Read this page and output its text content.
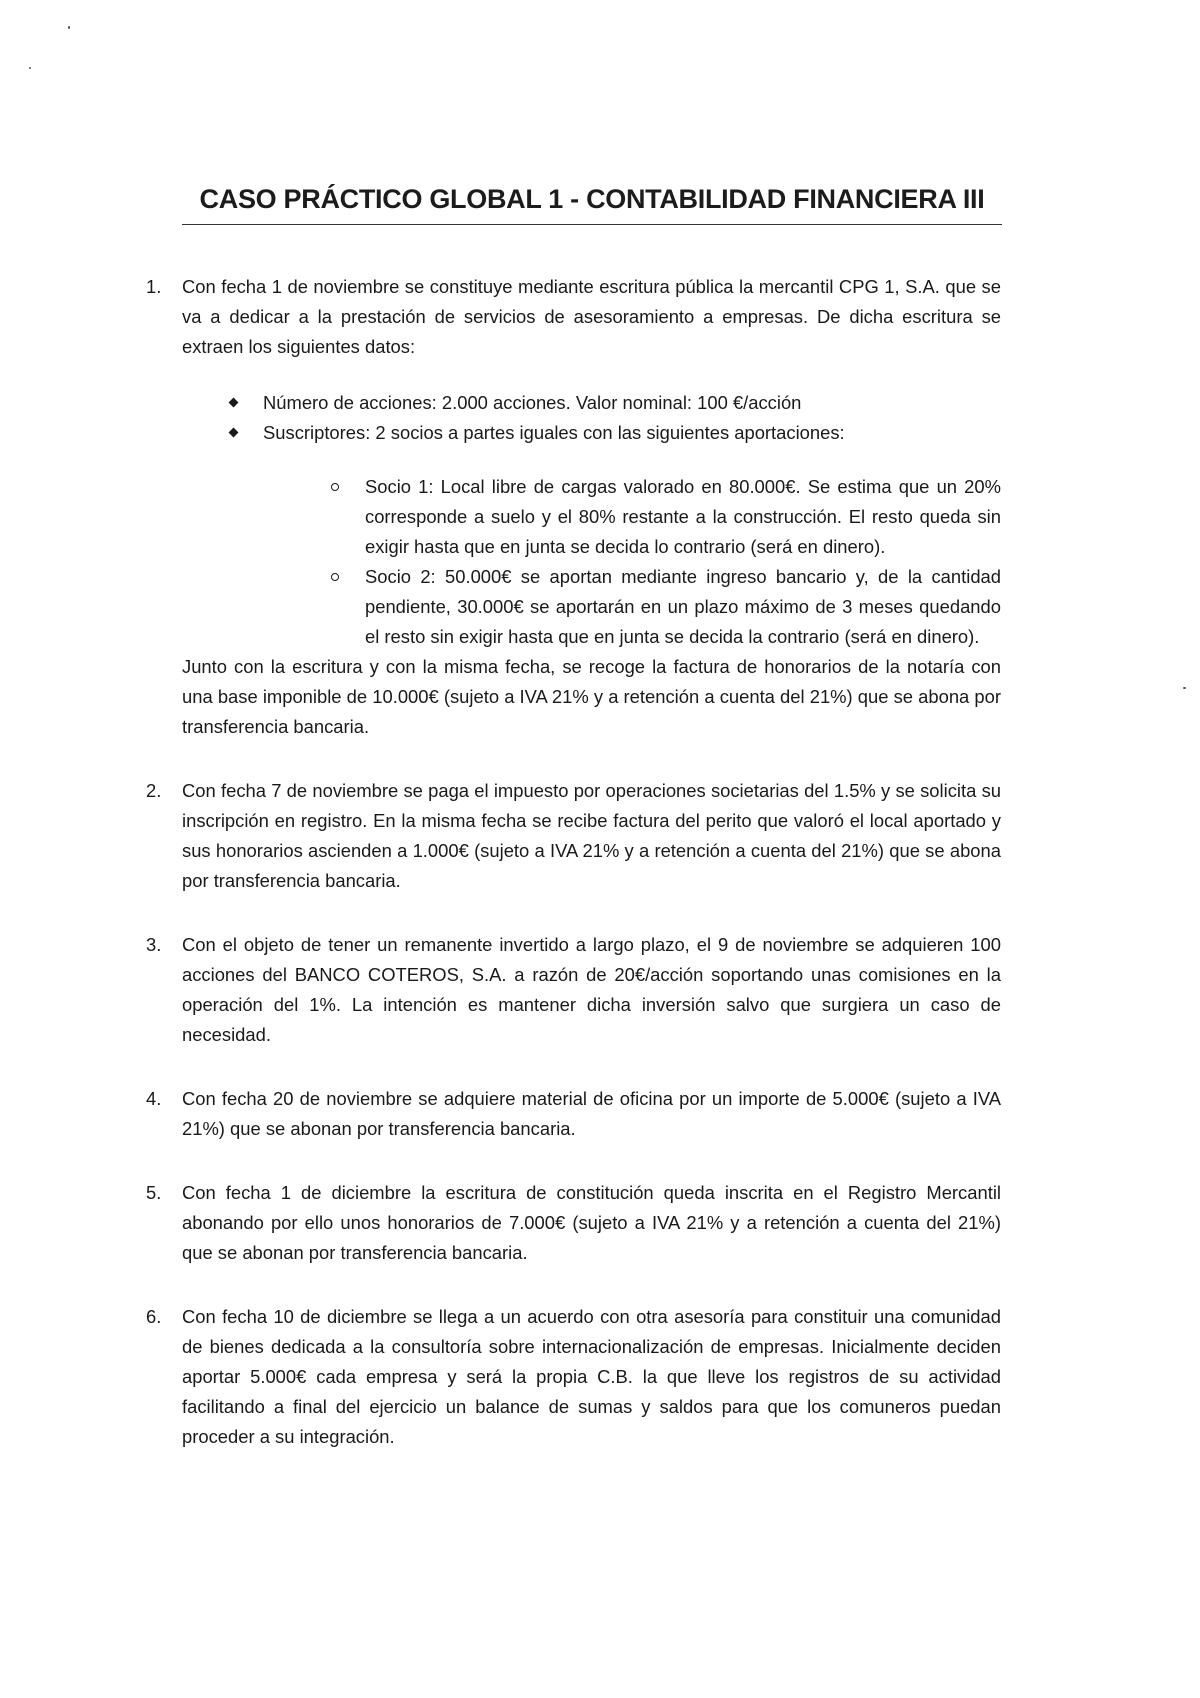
CASO PRÁCTICO GLOBAL 1 - CONTABILIDAD FINANCIERA III
1. Con fecha 1 de noviembre se constituye mediante escritura pública la mercantil CPG 1, S.A. que se va a dedicar a la prestación de servicios de asesoramiento a empresas. De dicha escritura se extraen los siguientes datos:

Número de acciones: 2.000 acciones. Valor nominal: 100 €/acción
Suscriptores: 2 socios a partes iguales con las siguientes aportaciones:
Socio 1: Local libre de cargas valorado en 80.000€. Se estima que un 20% corresponde a suelo y el 80% restante a la construcción. El resto queda sin exigir hasta que en junta se decida lo contrario (será en dinero).
Socio 2: 50.000€ se aportan mediante ingreso bancario y, de la cantidad pendiente, 30.000€ se aportarán en un plazo máximo de 3 meses quedando el resto sin exigir hasta que en junta se decida la contrario (será en dinero).

Junto con la escritura y con la misma fecha, se recoge la factura de honorarios de la notaría con una base imponible de 10.000€ (sujeto a IVA 21% y a retención a cuenta del 21%) que se abona por transferencia bancaria.

2. Con fecha 7 de noviembre se paga el impuesto por operaciones societarias del 1.5% y se solicita su inscripción en registro. En la misma fecha se recibe factura del perito que valoró el local aportado y sus honorarios ascienden a 1.000€ (sujeto a IVA 21% y a retención a cuenta del 21%) que se abona por transferencia bancaria.

3. Con el objeto de tener un remanente invertido a largo plazo, el 9 de noviembre se adquieren 100 acciones del BANCO COTEROS, S.A. a razón de 20€/acción soportando unas comisiones en la operación del 1%. La intención es mantener dicha inversión salvo que surgiera un caso de necesidad.

4. Con fecha 20 de noviembre se adquiere material de oficina por un importe de 5.000€ (sujeto a IVA 21%) que se abonan por transferencia bancaria.

5. Con fecha 1 de diciembre la escritura de constitución queda inscrita en el Registro Mercantil abonando por ello unos honorarios de 7.000€ (sujeto a IVA 21% y a retención a cuenta del 21%) que se abonan por transferencia bancaria.

6. Con fecha 10 de diciembre se llega a un acuerdo con otra asesoría para constituir una comunidad de bienes dedicada a la consultoría sobre internacionalización de empresas. Inicialmente deciden aportar 5.000€ cada empresa y será la propia C.B. la que lleve los registros de su actividad facilitando a final del ejercicio un balance de sumas y saldos para que los comuneros puedan proceder a su integración.
